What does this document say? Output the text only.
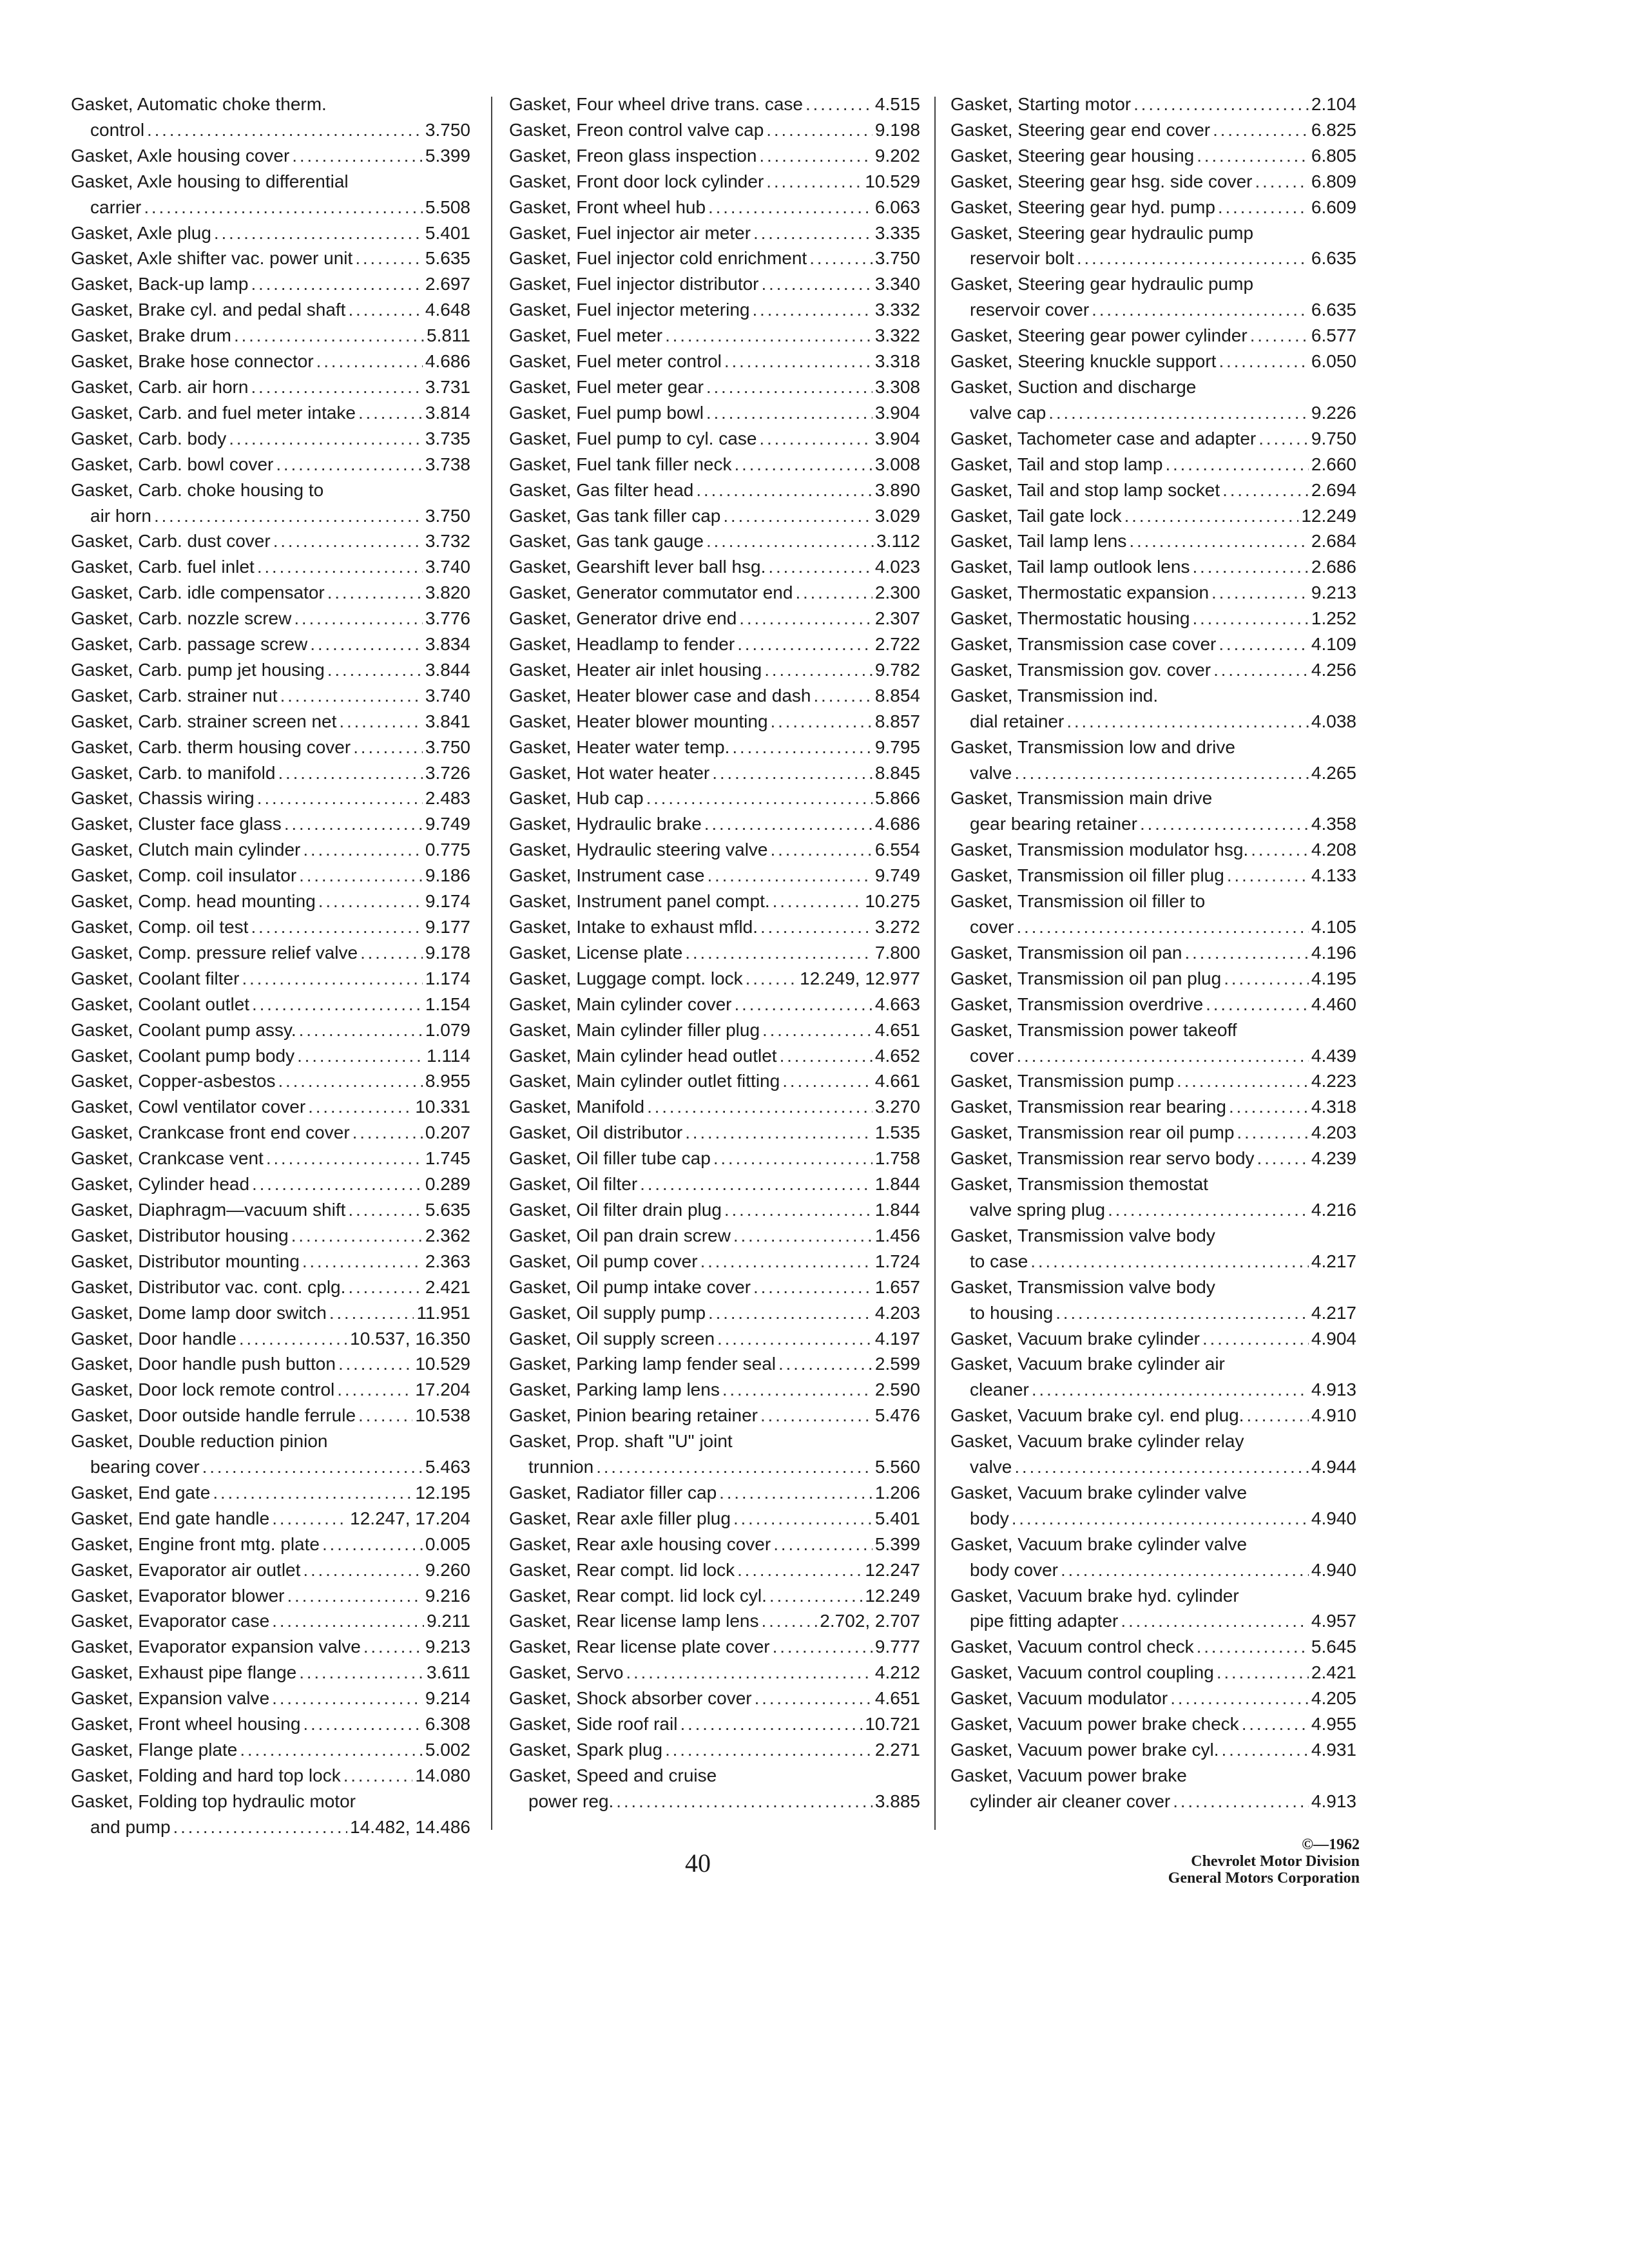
Gasket, Automatic choke therm.
control . . .	3.750
Gasket, Axle housing cover . . .	5.399
Gasket, Axle housing to differential
carrier . . .	5.508
Gasket, Axle plug . . .	5.401
Gasket, Axle shifter vac. power unit . . .	5.635
Gasket, Back-up lamp . . .	2.697
Gasket, Brake cyl. and pedal shaft . . .	4.648
Gasket, Brake drum . . .	5.811
Gasket, Brake hose connector . . .	4.686
Gasket, Carb. air horn . . .	3.731
Gasket, Carb. and fuel meter intake . . .	3.814
Gasket, Carb. body . . .	3.735
Gasket, Carb. bowl cover . . .	3.738
Gasket, Carb. choke housing to
air horn . . .	3.750
Gasket, Carb. dust cover . . .	3.732
Gasket, Carb. fuel inlet . . .	3.740
Gasket, Carb. idle compensator . . .	3.820
Gasket, Carb. nozzle screw . . .	3.776
Gasket, Carb. passage screw . . .	3.834
Gasket, Carb. pump jet housing . . .	3.844
Gasket, Carb. strainer nut . . .	3.740
Gasket, Carb. strainer screen net . . .	3.841
Gasket, Carb. therm housing cover . . .	3.750
Gasket, Carb. to manifold . . .	3.726
Gasket, Chassis wiring . . .	2.483
Gasket, Cluster face glass . . .	9.749
Gasket, Clutch main cylinder . . .	0.775
Gasket, Comp. coil insulator . . .	9.186
Gasket, Comp. head mounting . . .	9.174
Gasket, Comp. oil test . . .	9.177
Gasket, Comp. pressure relief valve . . .	9.178
Gasket, Coolant filter . . .	1.174
Gasket, Coolant outlet . . .	1.154
Gasket, Coolant pump assy. . . .	1.079
Gasket, Coolant pump body . . .	1.114
Gasket, Copper-asbestos . . .	8.955
Gasket, Cowl ventilator cover . . .	10.331
Gasket, Crankcase front end cover . . .	0.207
Gasket, Crankcase vent . . .	1.745
Gasket, Cylinder head . . .	0.289
Gasket, Diaphragm—vacuum shift . . .	5.635
Gasket, Distributor housing . . .	2.362
Gasket, Distributor mounting . . .	2.363
Gasket, Distributor vac. cont. cplg. . . .	2.421
Gasket, Dome lamp door switch . . .	11.951
Gasket, Door handle . . .	10.537, 16.350
Gasket, Door handle push button . . .	10.529
Gasket, Door lock remote control . . .	17.204
Gasket, Door outside handle ferrule . . .	10.538
Gasket, Double reduction pinion
bearing cover . . .	5.463
Gasket, End gate . . .	12.195
Gasket, End gate handle . . .	12.247, 17.204
Gasket, Engine front mtg. plate . . .	0.005
Gasket, Evaporator air outlet . . .	9.260
Gasket, Evaporator blower . . .	9.216
Gasket, Evaporator case . . .	9.211
Gasket, Evaporator expansion valve . . .	9.213
Gasket, Exhaust pipe flange . . .	3.611
Gasket, Expansion valve . . .	9.214
Gasket, Front wheel housing . . .	6.308
Gasket, Flange plate . . .	5.002
Gasket, Folding and hard top lock . . .	14.080
Gasket, Folding top hydraulic motor
and pump . . .	14.482, 14.486
Gasket, Four wheel drive trans. case . . .	4.515
Gasket, Freon control valve cap . . .	9.198
Gasket, Freon glass inspection . . .	9.202
Gasket, Front door lock cylinder . . .	10.529
Gasket, Front wheel hub . . .	6.063
Gasket, Fuel injector air meter . . .	3.335
Gasket, Fuel injector cold enrichment . . .	3.750
Gasket, Fuel injector distributor . . .	3.340
Gasket, Fuel injector metering . . .	3.332
Gasket, Fuel meter . . .	3.322
Gasket, Fuel meter control . . .	3.318
Gasket, Fuel meter gear . . .	3.308
Gasket, Fuel pump bowl . . .	3.904
Gasket, Fuel pump to cyl. case . . .	3.904
Gasket, Fuel tank filler neck . . .	3.008
Gasket, Gas filter head . . .	3.890
Gasket, Gas tank filler cap . . .	3.029
Gasket, Gas tank gauge . . .	3.112
Gasket, Gearshift lever ball hsg. . . .	4.023
Gasket, Generator commutator end . . .	2.300
Gasket, Generator drive end . . .	2.307
Gasket, Headlamp to fender . . .	2.722
Gasket, Heater air inlet housing . . .	9.782
Gasket, Heater blower case and dash . . .	8.854
Gasket, Heater blower mounting . . .	8.857
Gasket, Heater water temp. . . .	9.795
Gasket, Hot water heater . . .	8.845
Gasket, Hub cap . . .	5.866
Gasket, Hydraulic brake . . .	4.686
Gasket, Hydraulic steering valve . . .	6.554
Gasket, Instrument case . . .	9.749
Gasket, Instrument panel compt. . . .	10.275
Gasket, Intake to exhaust mfld. . . .	3.272
Gasket, License plate . . .	7.800
Gasket, Luggage compt. lock . . .	12.249, 12.977
Gasket, Main cylinder cover . . .	4.663
Gasket, Main cylinder filler plug . . .	4.651
Gasket, Main cylinder head outlet . . .	4.652
Gasket, Main cylinder outlet fitting . . .	4.661
Gasket, Manifold . . .	3.270
Gasket, Oil distributor . . .	1.535
Gasket, Oil filler tube cap . . .	1.758
Gasket, Oil filter . . .	1.844
Gasket, Oil filter drain plug . . .	1.844
Gasket, Oil pan drain screw . . .	1.456
Gasket, Oil pump cover . . .	1.724
Gasket, Oil pump intake cover . . .	1.657
Gasket, Oil supply pump . . .	4.203
Gasket, Oil supply screen . . .	4.197
Gasket, Parking lamp fender seal . . .	2.599
Gasket, Parking lamp lens . . .	2.590
Gasket, Pinion bearing retainer . . .	5.476
Gasket, Prop. shaft "U" joint
trunnion . . .	5.560
Gasket, Radiator filler cap . . .	1.206
Gasket, Rear axle filler plug . . .	5.401
Gasket, Rear axle housing cover . . .	5.399
Gasket, Rear compt. lid lock . . .	12.247
Gasket, Rear compt. lid lock cyl. . . .	12.249
Gasket, Rear license lamp lens . . .	2.702, 2.707
Gasket, Rear license plate cover . . .	9.777
Gasket, Servo . . .	4.212
Gasket, Shock absorber cover . . .	4.651
Gasket, Side roof rail . . .	10.721
Gasket, Spark plug . . .	2.271
Gasket, Speed and cruise
power reg. . . .	3.885
Gasket, Starting motor . . .	2.104
Gasket, Steering gear end cover . . .	6.825
Gasket, Steering gear housing . . .	6.805
Gasket, Steering gear hsg. side cover . . .	6.809
Gasket, Steering gear hyd. pump . . .	6.609
Gasket, Steering gear hydraulic pump
reservoir bolt . . .	6.635
Gasket, Steering gear hydraulic pump
reservoir cover . . .	6.635
Gasket, Steering gear power cylinder . . .	6.577
Gasket, Steering knuckle support . . .	6.050
Gasket, Suction and discharge
valve cap . . .	9.226
Gasket, Tachometer case and adapter . . .	9.750
Gasket, Tail and stop lamp . . .	2.660
Gasket, Tail and stop lamp socket . . .	2.694
Gasket, Tail gate lock . . .	12.249
Gasket, Tail lamp lens . . .	2.684
Gasket, Tail lamp outlook lens . . .	2.686
Gasket, Thermostatic expansion . . .	9.213
Gasket, Thermostatic housing . . .	1.252
Gasket, Transmission case cover . . .	4.109
Gasket, Transmission gov. cover . . .	4.256
Gasket, Transmission ind.
dial retainer . . .	4.038
Gasket, Transmission low and drive
valve . . .	4.265
Gasket, Transmission main drive
gear bearing retainer . . .	4.358
Gasket, Transmission modulator hsg. . . .	4.208
Gasket, Transmission oil filler plug . . .	4.133
Gasket, Transmission oil filler to
cover . . .	4.105
Gasket, Transmission oil pan . . .	4.196
Gasket, Transmission oil pan plug . . .	4.195
Gasket, Transmission overdrive . . .	4.460
Gasket, Transmission power takeoff
cover . . .	4.439
Gasket, Transmission pump . . .	4.223
Gasket, Transmission rear bearing . . .	4.318
Gasket, Transmission rear oil pump . . .	4.203
Gasket, Transmission rear servo body . . .	4.239
Gasket, Transmission themostat
valve spring plug . . .	4.216
Gasket, Transmission valve body
to case . . .	4.217
Gasket, Transmission valve body
to housing . . .	4.217
Gasket, Vacuum brake cylinder . . .	4.904
Gasket, Vacuum brake cylinder air
cleaner . . .	4.913
Gasket, Vacuum brake cyl. end plug. . . .	4.910
Gasket, Vacuum brake cylinder relay
valve . . .	4.944
Gasket, Vacuum brake cylinder valve
body . . .	4.940
Gasket, Vacuum brake cylinder valve
body cover . . .	4.940
Gasket, Vacuum brake hyd. cylinder
pipe fitting adapter . . .	4.957
Gasket, Vacuum control check . . .	5.645
Gasket, Vacuum control coupling . . .	2.421
Gasket, Vacuum modulator . . .	4.205
Gasket, Vacuum power brake check . . .	4.955
Gasket, Vacuum power brake cyl. . . .	4.931
Gasket, Vacuum power brake
cylinder air cleaner cover . . .	4.913
40
©—1962
Chevrolet Motor Division
General Motors Corporation
